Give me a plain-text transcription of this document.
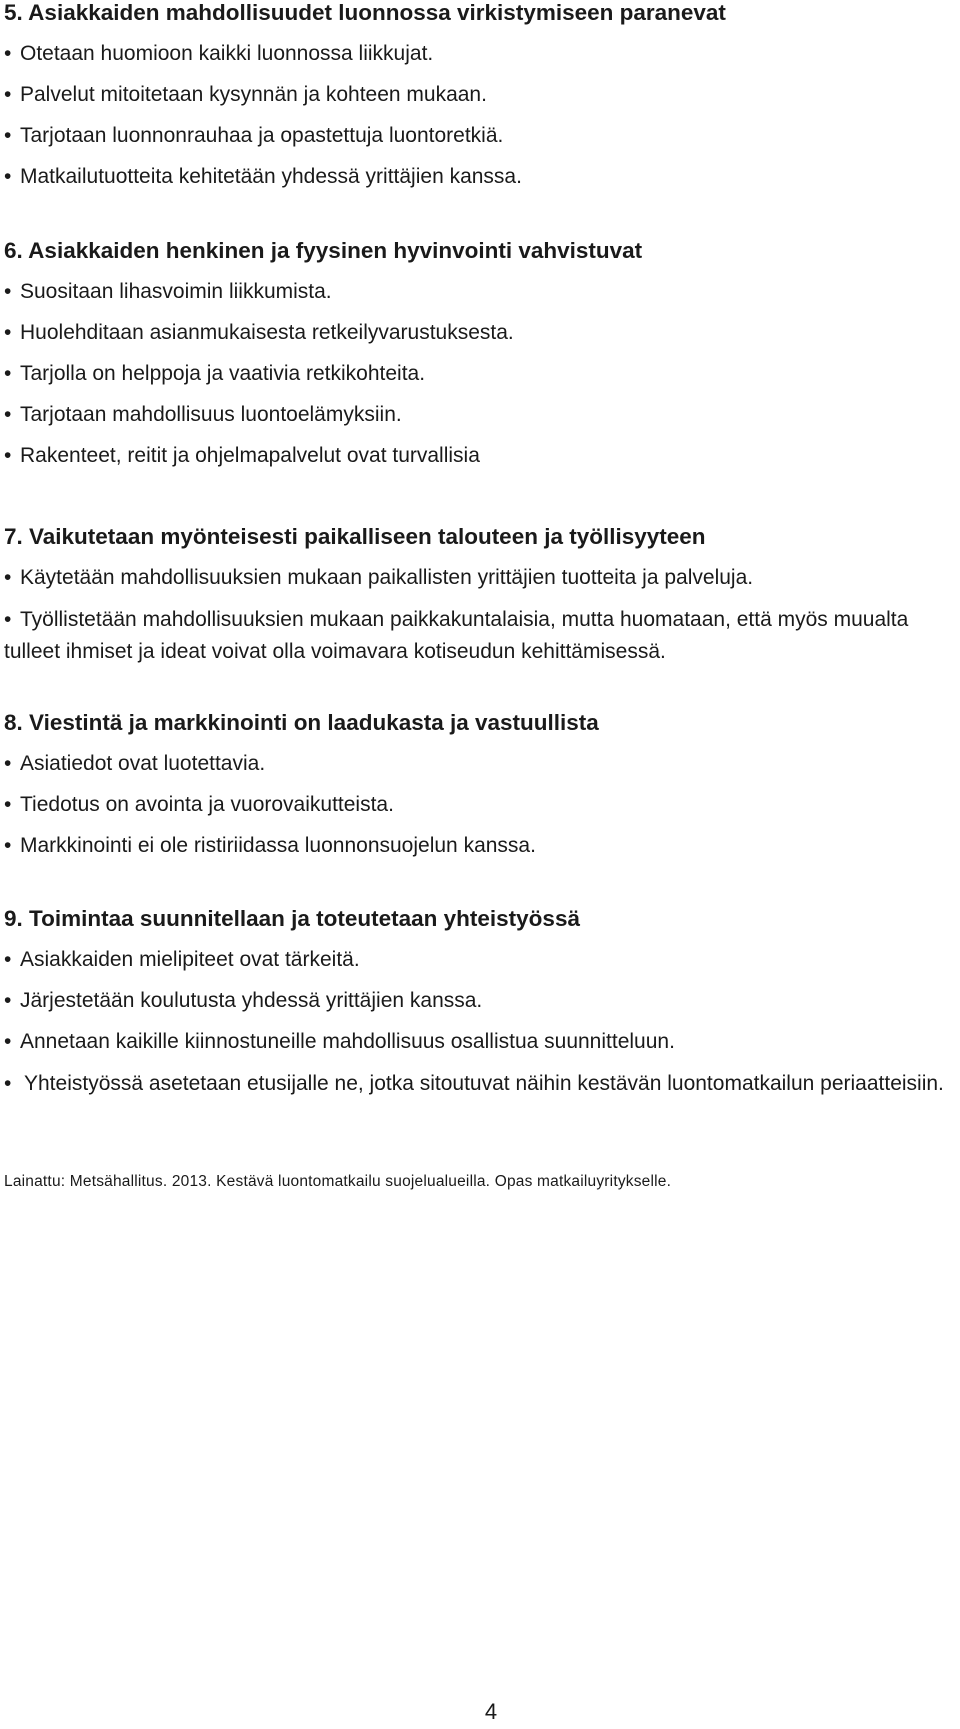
5. Asiakkaiden mahdollisuudet luonnossa virkistymiseen paranevat

• Otetaan huomioon kaikki luonnossa liikkujat.

• Palvelut mitoitetaan kysynnän ja kohteen mukaan.

• Tarjotaan luonnonrauhaa ja opastettuja luontoretkiä.

• Matkailutuotteita kehitetään yhdessä yrittäjien kanssa.

6. Asiakkaiden henkinen ja fyysinen hyvinvointi vahvistuvat

• Suositaan lihasvoimin liikkumista.

• Huolehditaan asianmukaisesta retkeilyvarustuksesta.

• Tarjolla on helppoja ja vaativia retkikohteita.

• Tarjotaan mahdollisuus luontoelämyksiin.

• Rakenteet, reitit ja ohjelmapalvelut ovat turvallisia

7. Vaikutetaan myönteisesti paikalliseen talouteen ja työllisyyteen

• Käytetään mahdollisuuksien mukaan paikallisten yrittäjien tuotteita ja palveluja.

• Työllistetään mahdollisuuksien mukaan paikkakuntalaisia, mutta huomataan, että myös muualta tulleet ihmiset ja ideat voivat olla voimavara kotiseudun kehittämisessä.

8. Viestintä ja markkinointi on laadukasta ja vastuullista

• Asiatiedot ovat luotettavia.

• Tiedotus on avointa ja vuorovaikutteista.

• Markkinointi ei ole ristiriidassa luonnonsuojelun kanssa.

9. Toimintaa suunnitellaan ja toteutetaan yhteistyössä

• Asiakkaiden mielipiteet ovat tärkeitä.

• Järjestetään koulutusta yhdessä yrittäjien kanssa.

• Annetaan kaikille kiinnostuneille mahdollisuus osallistua suunnitteluun.

• Yhteistyössä asetetaan etusijalle ne, jotka sitoutuvat näihin kestävän luontomatkailun periaatteisiin.

Lainattu: Metsähallitus. 2013. Kestävä luontomatkailu suojelualueilla. Opas matkailuyritykselle.
4
